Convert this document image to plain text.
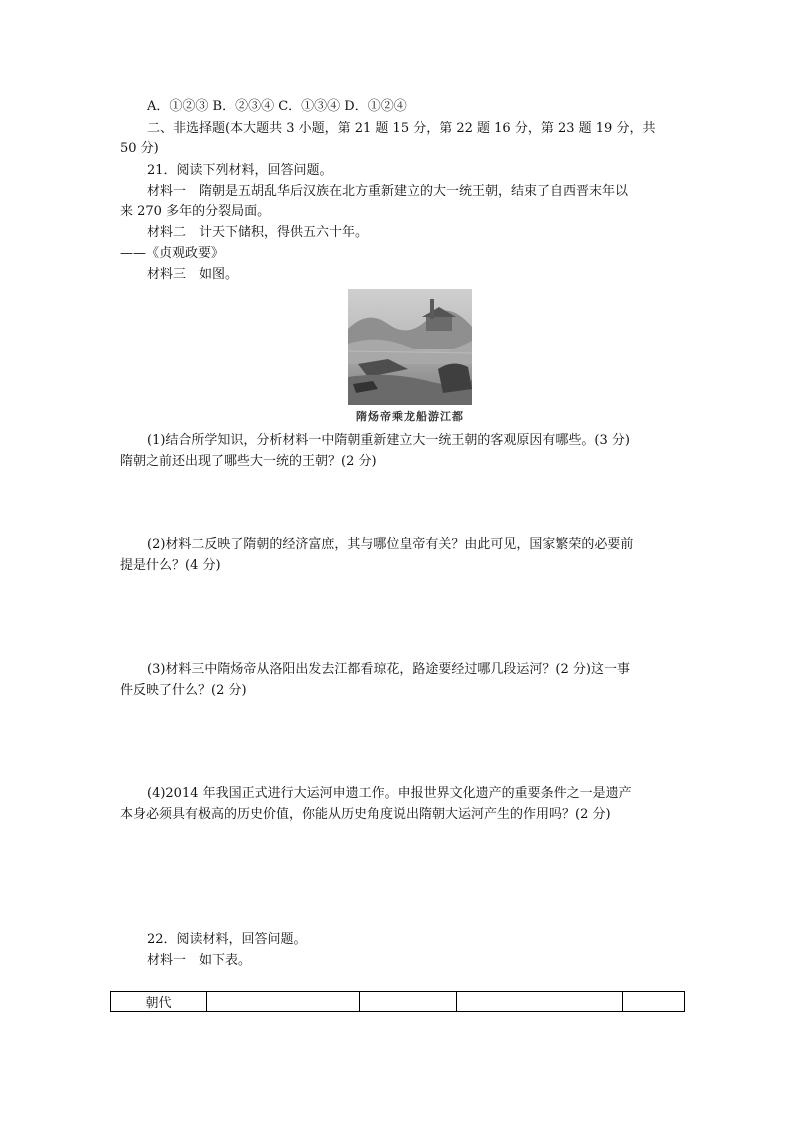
A．①②③ B．②③④ C．①③④ D．①②④
二、非选择题(本大题共 3 小题，第 21 题 15 分，第 22 题 16 分，第 23 题 19 分，共
50 分)
21．阅读下列材料，回答问题。
材料一　隋朝是五胡乱华后汉族在北方重新建立的大一统王朝，结束了自西晋末年以
来 270 多年的分裂局面。
材料二　计天下储积，得供五六十年。
——《贞观政要》
材料三　如图。
隋炀帝乘龙船游江都
(1)结合所学知识，分析材料一中隋朝重新建立大一统王朝的客观原因有哪些。(3 分)
隋朝之前还出现了哪些大一统的王朝？(2 分)
(2)材料二反映了隋朝的经济富庶，其与哪位皇帝有关？由此可见，国家繁荣的必要前
提是什么？(4 分)
(3)材料三中隋炀帝从洛阳出发去江都看琼花，路途要经过哪几段运河？(2 分)这一事
件反映了什么？(2 分)
(4)2014 年我国正式进行大运河申遗工作。申报世界文化遗产的重要条件之一是遗产
本身必须具有极高的历史价值，你能从历史角度说出隋朝大运河产生的作用吗？(2 分)
22．阅读材料，回答问题。
材料一　如下表。
朝代				
